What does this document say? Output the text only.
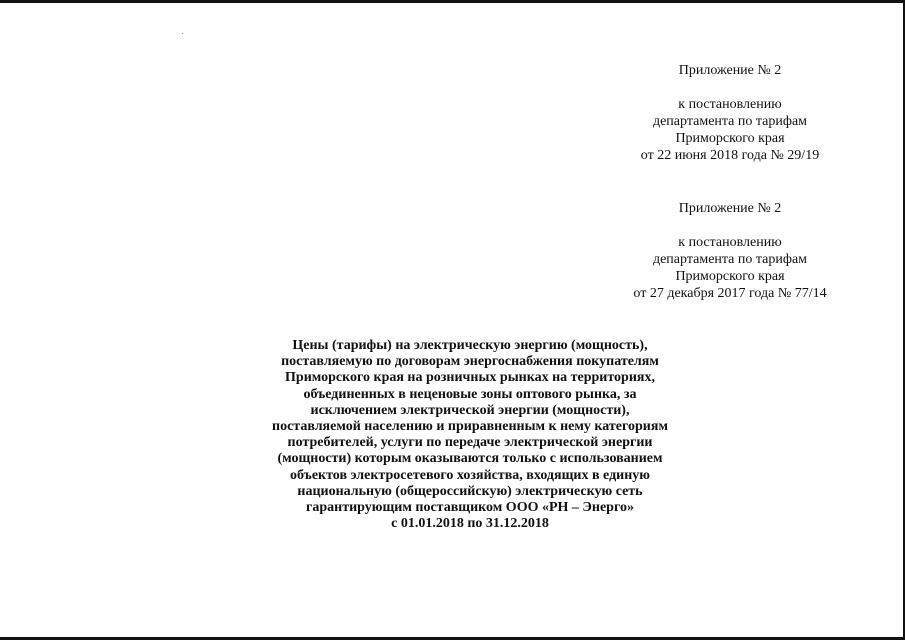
Приложение № 2
к постановлению
департамента по тарифам
Приморского края
от 22 июня 2018 года № 29/19
Приложение № 2
к постановлению
департамента по тарифам
Приморского края
от 27 декабря 2017 года № 77/14
Цены (тарифы) на электрическую энергию (мощность),
поставляемую по договорам энергоснабжения покупателям
Приморского края на розничных рынках на территориях,
объединенных в неценовые зоны оптового рынка, за
исключением электрической энергии (мощности),
поставляемой населению и приравненным к нему категориям
потребителей, услуги по передаче электрической энергии
(мощности) которым оказываются только с использованием
объектов электросетевого хозяйства, входящих в единую
национальную (общероссийскую) электрическую сеть
гарантирующим поставщиком ООО «РН – Энерго»
с 01.01.2018 по 31.12.2018
